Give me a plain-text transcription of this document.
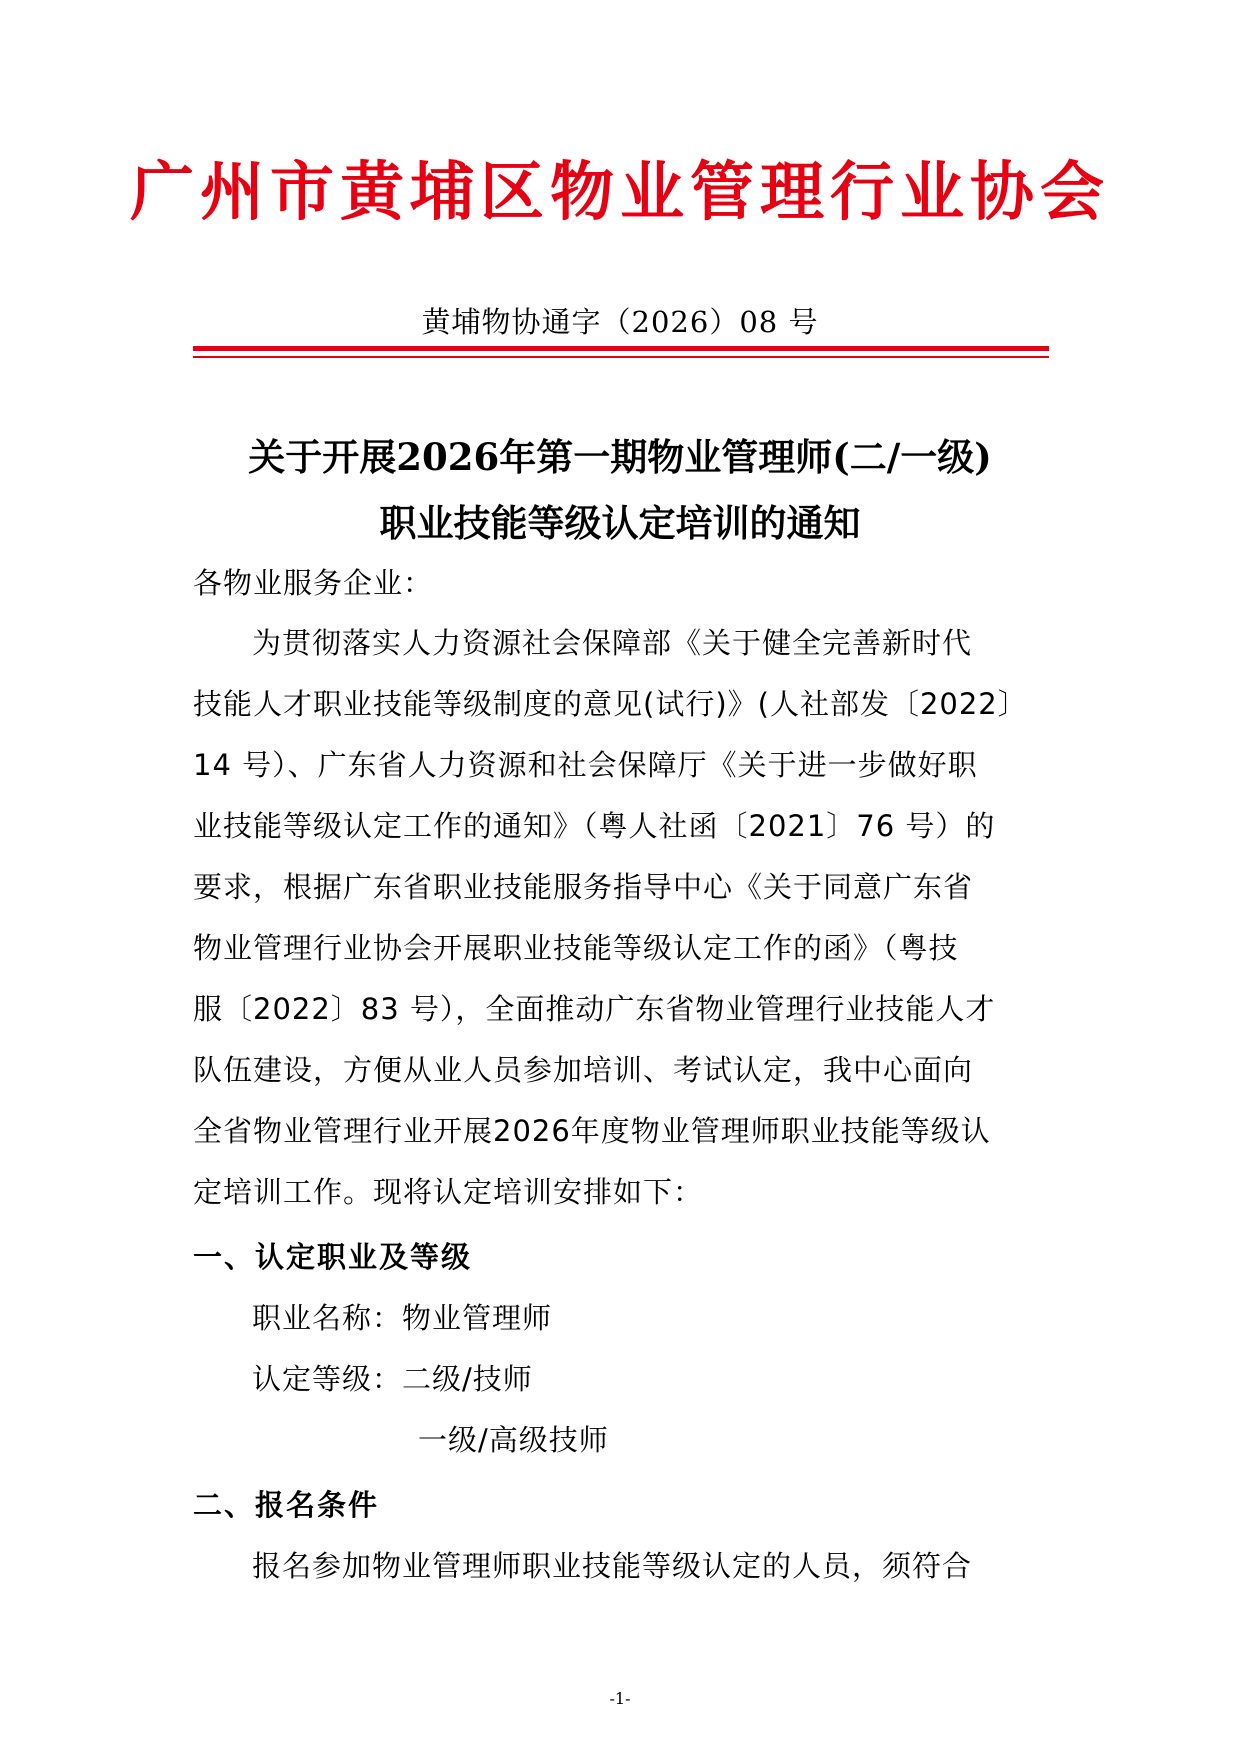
广州市黄埔区物业管理行业协会
黄埔物协通字（2026）08 号
关于开展2026年第一期物业管理师(二/一级)
职业技能等级认定培训的通知
各物业服务企业：
为贯彻落实人力资源社会保障部《关于健全完善新时代
技能人才职业技能等级制度的意见(试行)》(人社部发〔2022〕
14 号）、广东省人力资源和社会保障厅《关于进一步做好职
业技能等级认定工作的通知》（粤人社函〔2021〕76 号）的
要求，根据广东省职业技能服务指导中心《关于同意广东省
物业管理行业协会开展职业技能等级认定工作的函》（粤技
服〔2022〕83 号），全面推动广东省物业管理行业技能人才
队伍建设，方便从业人员参加培训、考试认定，我中心面向
全省物业管理行业开展2026年度物业管理师职业技能等级认
定培训工作。现将认定培训安排如下：
一、认定职业及等级
职业名称：物业管理师
认定等级：二级/技师
一级/高级技师
二、报名条件
报名参加物业管理师职业技能等级认定的人员，须符合
-1-
